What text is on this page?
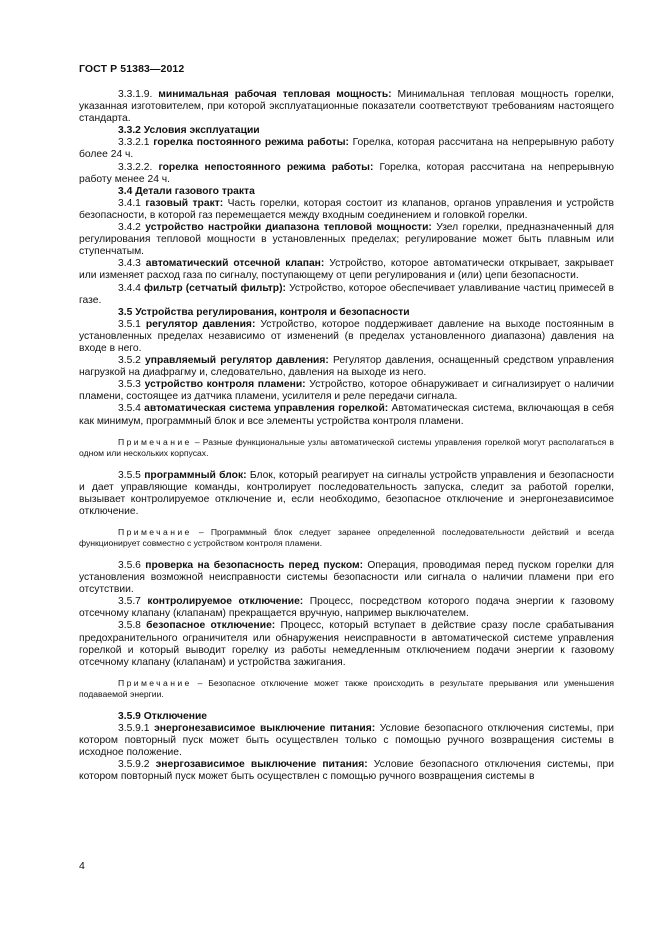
ГОСТ Р 51383—2012

3.3.1.9. минимальная рабочая тепловая мощность: Минимальная тепловая мощность горелки, указанная изготовителем, при которой эксплуатационные показатели соответствуют требованиям настоящего стандарта.

3.3.2 Условия эксплуатации

3.3.2.1 горелка постоянного режима работы: Горелка, которая рассчитана на непрерывную работу более 24 ч.

3.3.2.2. горелка непостоянного режима работы: Горелка, которая рассчитана на непрерывную работу менее 24 ч.

3.4 Детали газового тракта

3.4.1 газовый тракт: Часть горелки, которая состоит из клапанов, органов управления и устройств безопасности, в которой газ перемещается между входным соединением и головкой горелки.

3.4.2 устройство настройки диапазона тепловой мощности: Узел горелки, предназначенный для регулирования тепловой мощности в установленных пределах; регулирование может быть плавным или ступенчатым.

3.4.3 автоматический отсечной клапан: Устройство, которое автоматически открывает, закрывает или изменяет расход газа по сигналу, поступающему от цепи регулирования и (или) цепи безопасности.

3.4.4 фильтр (сетчатый фильтр): Устройство, которое обеспечивает улавливание частиц примесей в газе.

3.5 Устройства регулирования, контроля и безопасности

3.5.1 регулятор давления: Устройство, которое поддерживает давление на выходе постоянным в установленных пределах независимо от изменений (в пределах установленного диапазона) давления на входе в него.

3.5.2 управляемый регулятор давления: Регулятор давления, оснащенный средством управления нагрузкой на диафрагму и, следовательно, давления на выходе из него.

3.5.3 устройство контроля пламени: Устройство, которое обнаруживает и сигнализирует о наличии пламени, состоящее из датчика пламени, усилителя и реле передачи сигнала.

3.5.4 автоматическая система управления горелкой: Автоматическая система, включающая в себя как минимум, программный блок и все элементы устройства контроля пламени.

Примечание – Разные функциональные узлы автоматической системы управления горелкой могут располагаться в одном или нескольких корпусах.

3.5.5 программный блок: Блок, который реагирует на сигналы устройств управления и безопасности и дает управляющие команды, контролирует последовательность запуска, следит за работой горелки, вызывает контролируемое отключение и, если необходимо, безопасное отключение и энергонезависимое отключение.

Примечание – Программный блок следует заранее определенной последовательности действий и всегда функционирует совместно с устройством контроля пламени.

3.5.6 проверка на безопасность перед пуском: Операция, проводимая перед пуском горелки для установления возможной неисправности системы безопасности или сигнала о наличии пламени при его отсутствии.

3.5.7 контролируемое отключение: Процесс, посредством которого подача энергии к газовому отсечному клапану (клапанам) прекращается вручную, например выключателем.

3.5.8 безопасное отключение: Процесс, который вступает в действие сразу после срабатывания предохранительного ограничителя или обнаружения неисправности в автоматической системе управления горелкой и который выводит горелку из работы немедленным отключением подачи энергии к газовому отсечному клапану (клапанам) и устройства зажигания.

Примечание – Безопасное отключение может также происходить в результате прерывания или уменьшения подаваемой энергии.

3.5.9 Отключение

3.5.9.1 энергонезависимое выключение питания: Условие безопасного отключения системы, при котором повторный пуск может быть осуществлен только с помощью ручного возвращения системы в исходное положение.

3.5.9.2 энергозависимое выключение питания: Условие безопасного отключения системы, при котором повторный пуск может быть осуществлен с помощью ручного возвращения системы в

4
